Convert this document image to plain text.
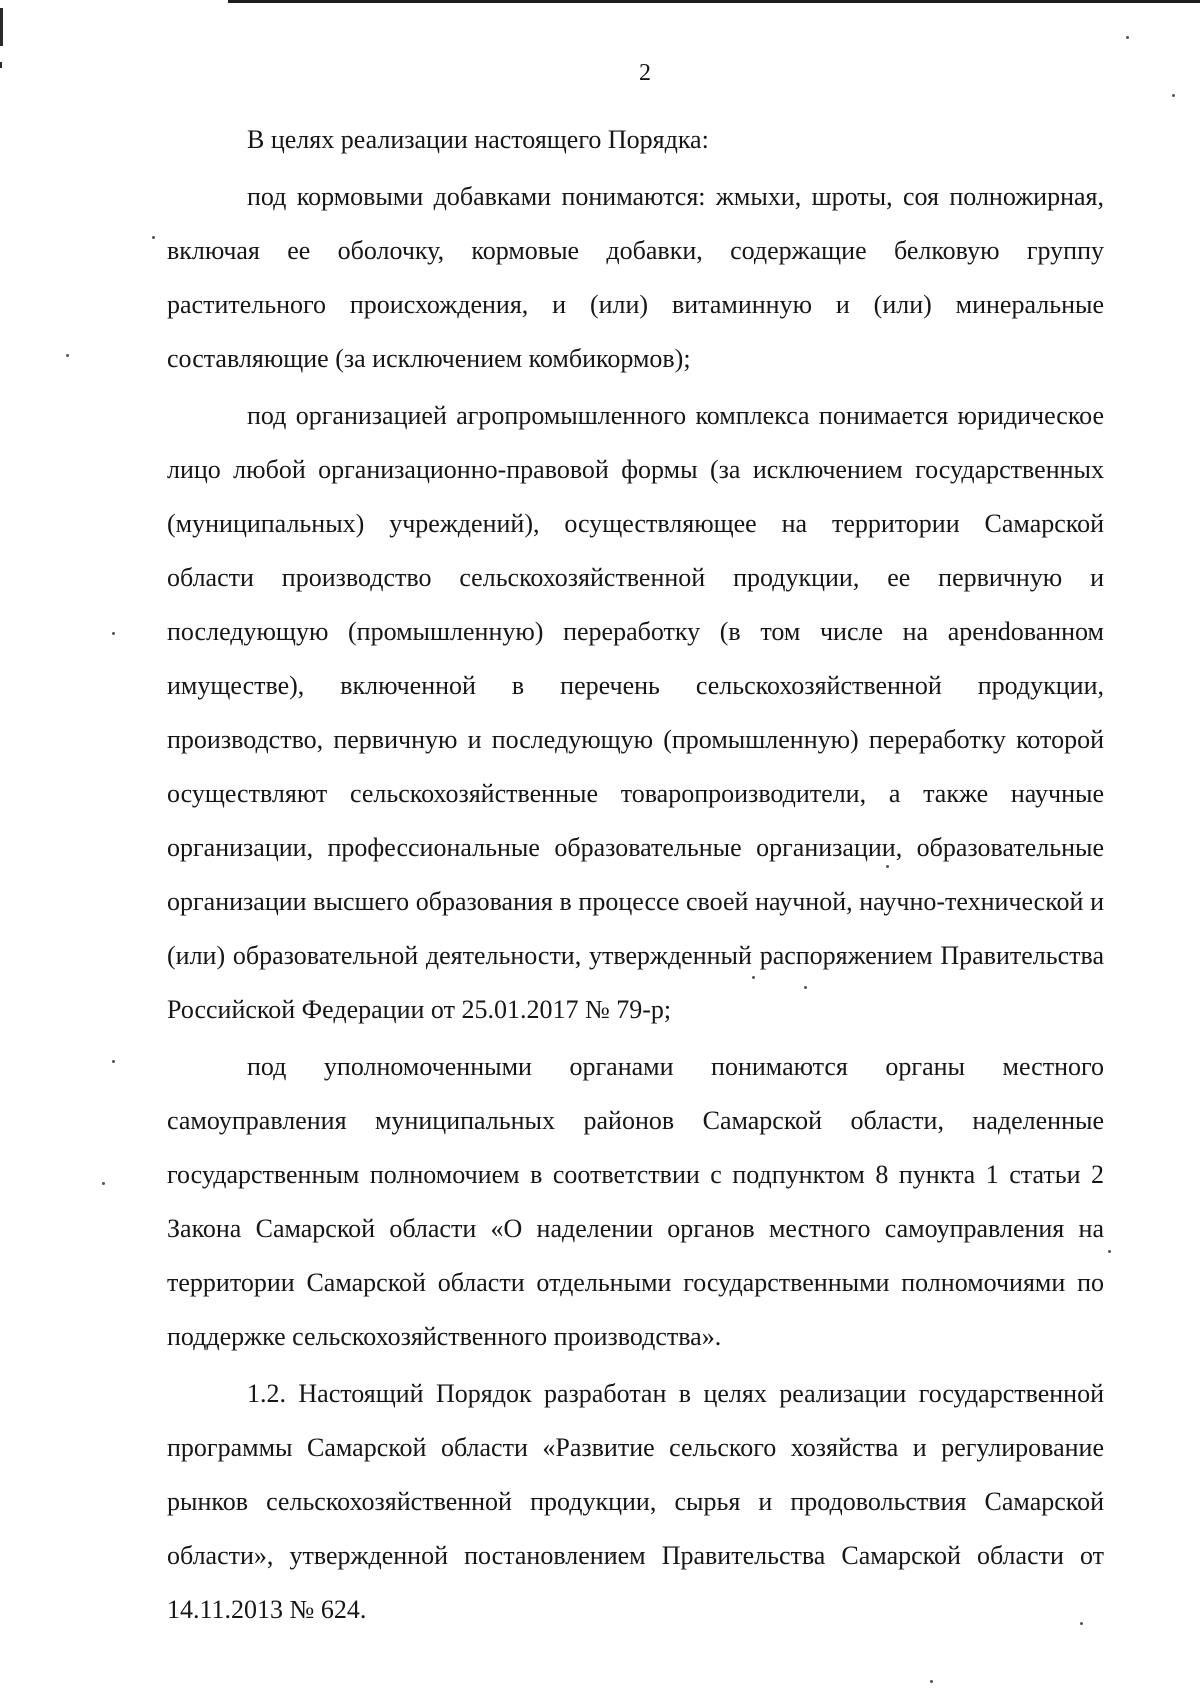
2

В целях реализации настоящего Порядка:

под кормовыми добавками понимаются: жмыхи, шроты, соя полножирная, включая ее оболочку, кормовые добавки, содержащие белковую группу растительного происхождения, и (или) витаминную и (или) минеральные составляющие (за исключением комбикормов);

под организацией агропромышленного комплекса понимается юридическое лицо любой организационно-правовой формы (за исключением государственных (муниципальных) учреждений), осуществляющее на территории Самарской области производство сельскохозяйственной продукции, ее первичную и последующую (промышленную) переработку (в том числе на аренdованном имуществе), включенной в перечень сельскохозяйственной продукции, производство, первичную и последующую (промышленную) переработку которой осуществляют сельскохозяйственные товаропроизводители, а также научные организации, профессиональные образовательные организации, образовательные организации высшего образования в процессе своей научной, научно-технической и (или) образовательной деятельности, утвержденный распоряжением Правительства Российской Федерации от 25.01.2017 № 79-р;

под уполномоченными органами понимаются органы местного самоуправления муниципальных районов Самарской области, наделенные государственным полномочием в соответствии с подпунктом 8 пункта 1 статьи 2 Закона Самарской области «О наделении органов местного самоуправления на территории Самарской области отдельными государственными полномочиями по поддержке сельскохозяйственного производства».

1.2. Настоящий Порядок разработан в целях реализации государственной программы Самарской области «Развитие сельского хозяйства и регулирование рынков сельскохозяйственной продукции, сырья и продовольствия Самарской области», утвержденной постановлением Правительства Самарской области от 14.11.2013 № 624.
